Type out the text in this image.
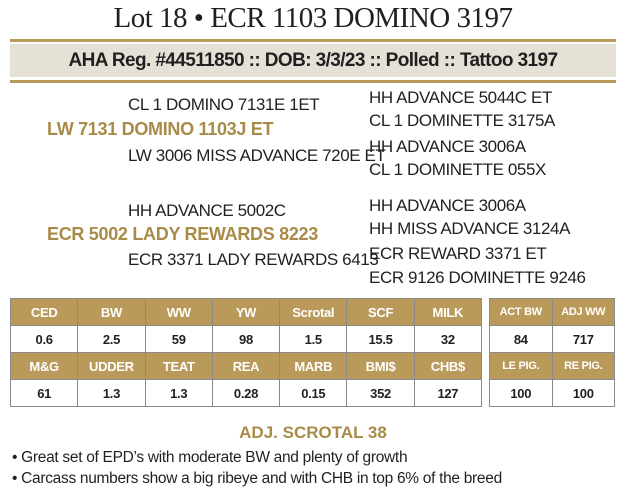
Lot 18 • ECR 1103 DOMINO 3197
AHA Reg. #44511850 :: DOB: 3/3/23 :: Polled :: Tattoo 3197
CL 1 DOMINO 7131E 1ET
LW 7131 DOMINO 1103J ET
LW 3006 MISS ADVANCE 720E ET
HH ADVANCE 5044C ET
CL 1 DOMINETTE 3175A
HH ADVANCE 3006A
CL 1 DOMINETTE 055X
HH ADVANCE 5002C
ECR 5002 LADY REWARDS 8223
ECR 3371 LADY REWARDS 6413
HH ADVANCE 3006A
HH MISS ADVANCE 3124A
ECR REWARD 3371 ET
ECR 9126 DOMINETTE 9246
CED	BW	WW	YW	Scrotal	SCF	MILK
0.6	2.5	59	98	1.5	15.5	32
M&G	UDDER	TEAT	REA	MARB	BMI$	CHB$
61	1.3	1.3	0.28	0.15	352	127
ACT BW	ADJ WW
84	717
LE PIG.	RE PIG.
100	100
ADJ. SCROTAL 38
• Great set of EPD’s with moderate BW and plenty of growth
• Carcass numbers show a big ribeye and with CHB in top 6% of the breed
